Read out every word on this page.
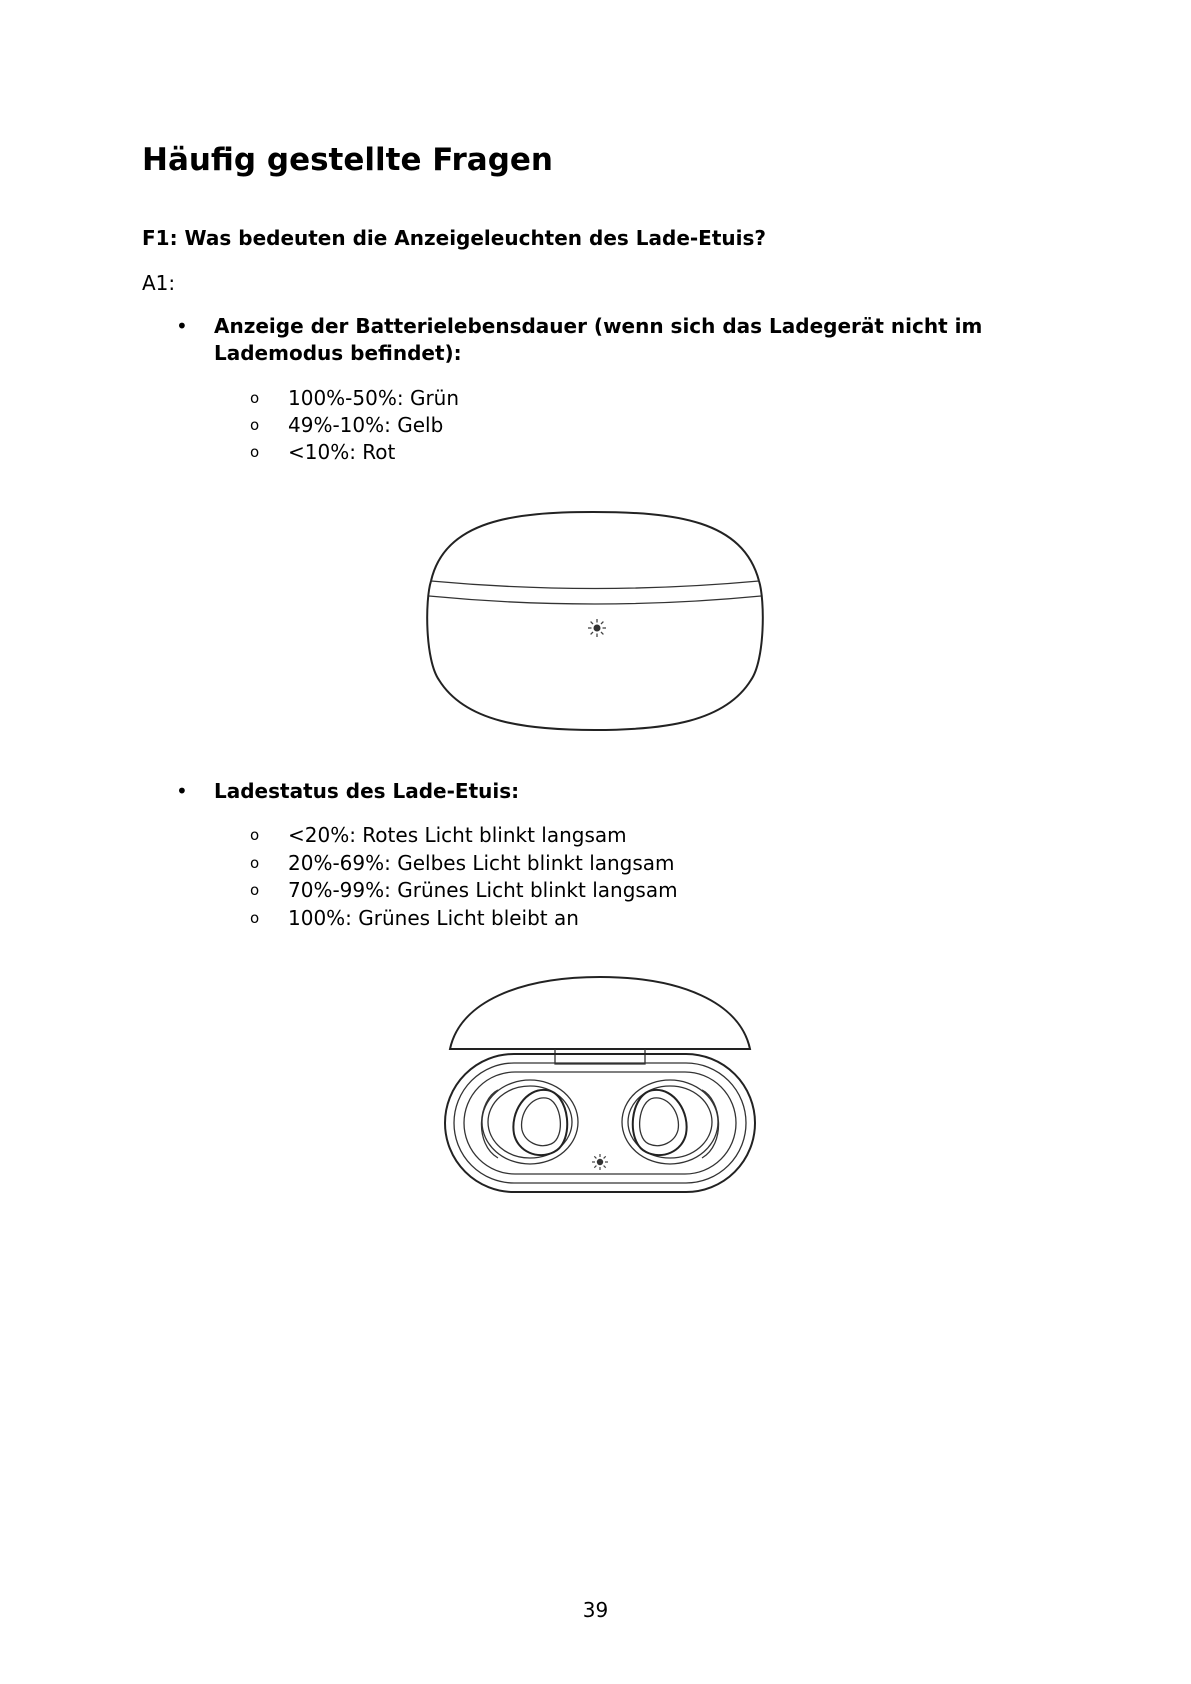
Häufig gestellte Fragen
F1: Was bedeuten die Anzeigeleuchten des Lade-Etuis?
A1:
• Anzeige der Batterielebensdauer (wenn sich das Ladegerät nicht im Lademodus befindet):
o 100%-50%: Grün
o 49%-10%: Gelb
o <10%: Rot
• Ladestatus des Lade-Etuis:
o <20%: Rotes Licht blinkt langsam
o 20%-69%: Gelbes Licht blinkt langsam
o 70%-99%: Grünes Licht blinkt langsam
o 100%: Grünes Licht bleibt an
39
